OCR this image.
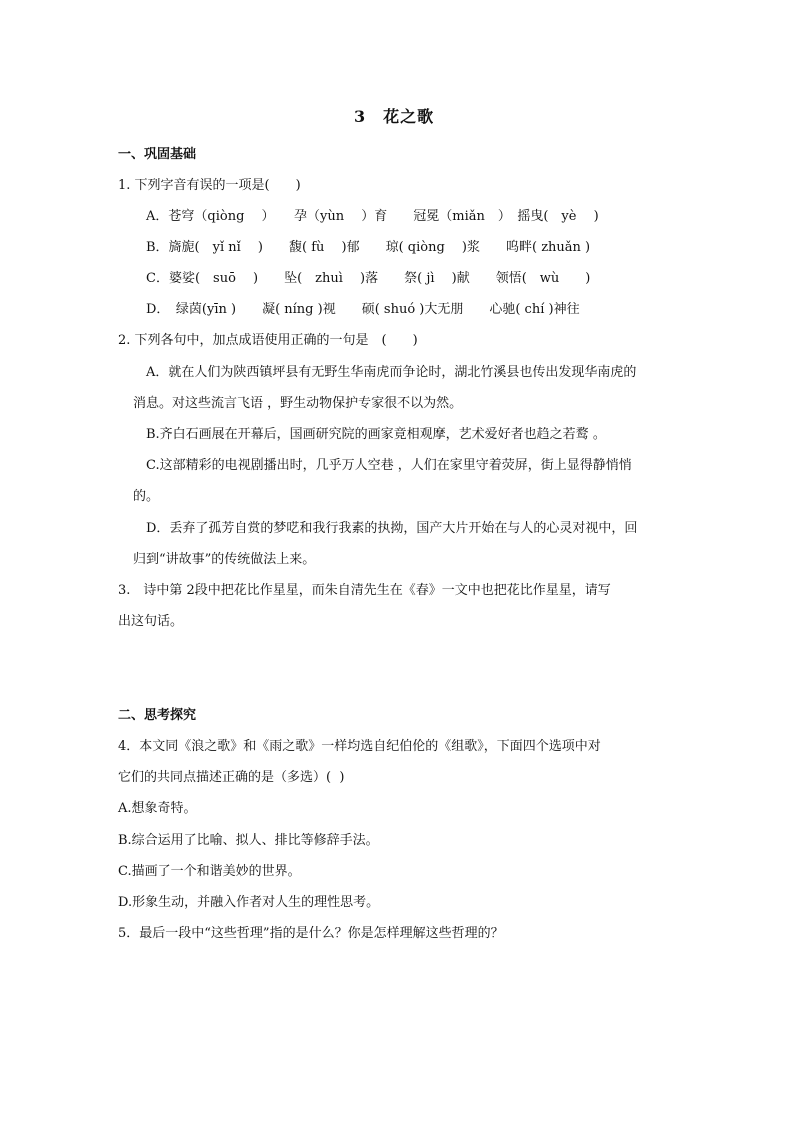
3　花之歌
一、巩固基础
1. 下列字音有误的一项是(　　)
A．苍穹（qiòng　 ）　　孕（yùn　 ）育　　冠冕（miǎn　）　摇曳(　yè　 )
B．旖旎(　yǐ nǐ　 )　　馥( fù　 )郁　　琼( qiòng　 )浆　　呜畔( zhuǎn )
C．婆娑(　suō　 )　　坠(　zhuì　 )落　　祭( jì　 )献　　领悟(　wù　　)
D．　绿茵(yīn )　　凝( níng )视　　硕( shuó )大无朋　　心驰( chí )神往
2. 下列各句中，加点成语使用正确的一句是　(　　)
A．就在人们为陕西镇坪县有无野生华南虎而争论时，湖北竹溪县也传出发现华南虎的
消息。对这些流言飞语 ，野生动物保护专家很不以为然。
B.齐白石画展在开幕后，国画研究院的画家竟相观摩，艺术爱好者也趋之若鹜 。
C.这部精彩的电视剧播出时，几乎万人空巷 ，人们在家里守着荧屏，街上显得静悄悄
的。
D．丢弃了孤芳自赏的梦呓和我行我素的执拗，国产大片开始在与人的心灵对视中，回
归到“讲故事”的传统做法上来。
3.　诗中第 2段中把花比作星星，而朱自清先生在《春》一文中也把花比作星星，请写
出这句话。
二、思考探究
4．本文同《浪之歌》和《雨之歌》一样均选自纪伯伦的《组歌》，下面四个选项中对
它们的共同点描述正确的是（多选）(  )
A.想象奇特。
B.综合运用了比喻、拟人、排比等修辞手法。
C.描画了一个和谐美妙的世界。
D.形象生动，并融入作者对人生的理性思考。
5．最后一段中“这些哲理”指的是什么？你是怎样理解这些哲理的？
